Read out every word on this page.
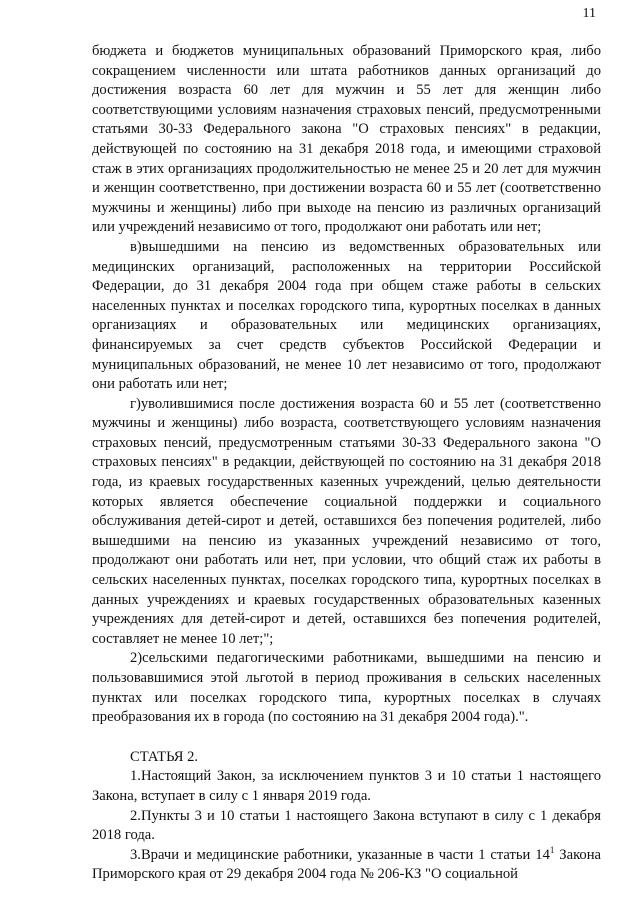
11

бюджета и бюджетов муниципальных образований Приморского края, либо сокращением численности или штата работников данных организаций до достижения возраста 60 лет для мужчин и 55 лет для женщин либо соответствующими условиям назначения страховых пенсий, предусмотренными статьями 30-33 Федерального закона "О страховых пенсиях" в редакции, действующей по состоянию на 31 декабря 2018 года, и имеющими страховой стаж в этих организациях продолжительностью не менее 25 и 20 лет для мужчин и женщин соответственно, при достижении возраста 60 и 55 лет (соответственно мужчины и женщины) либо при выходе на пенсию из различных организаций или учреждений независимо от того, продолжают они работать или нет;

в)вышедшими на пенсию из ведомственных образовательных или медицинских организаций, расположенных на территории Российской Федерации, до 31 декабря 2004 года при общем стаже работы в сельских населенных пунктах и поселках городского типа, курортных поселках в данных организациях и образовательных или медицинских организациях, финансируемых за счет средств субъектов Российской Федерации и муниципальных образований, не менее 10 лет независимо от того, продолжают они работать или нет;

г)уволившимися после достижения возраста 60 и 55 лет (соответственно мужчины и женщины) либо возраста, соответствующего условиям назначения страховых пенсий, предусмотренным статьями 30-33 Федерального закона "О страховых пенсиях" в редакции, действующей по состоянию на 31 декабря 2018 года, из краевых государственных казенных учреждений, целью деятельности которых является обеспечение социальной поддержки и социального обслуживания детей-сирот и детей, оставшихся без попечения родителей, либо вышедшими на пенсию из указанных учреждений независимо от того, продолжают они работать или нет, при условии, что общий стаж их работы в сельских населенных пунктах, поселках городского типа, курортных поселках в данных учреждениях и краевых государственных образовательных казенных учреждениях для детей-сирот и детей, оставшихся без попечения родителей, составляет не менее 10 лет;";

2)сельскими педагогическими работниками, вышедшими на пенсию и пользовавшимися этой льготой в период проживания в сельских населенных пунктах или поселках городского типа, курортных поселках в случаях преобразования их в города (по состоянию на 31 декабря 2004 года).".

СТАТЬЯ 2.

1.Настоящий Закон, за исключением пунктов 3 и 10 статьи 1 настоящего Закона, вступает в силу с 1 января 2019 года.

2.Пункты 3 и 10 статьи 1 настоящего Закона вступают в силу с 1 декабря 2018 года.

3.Врачи и медицинские работники, указанные в части 1 статьи $14^1$ Закона Приморского края от 29 декабря 2004 года № 206-КЗ "О социальной
